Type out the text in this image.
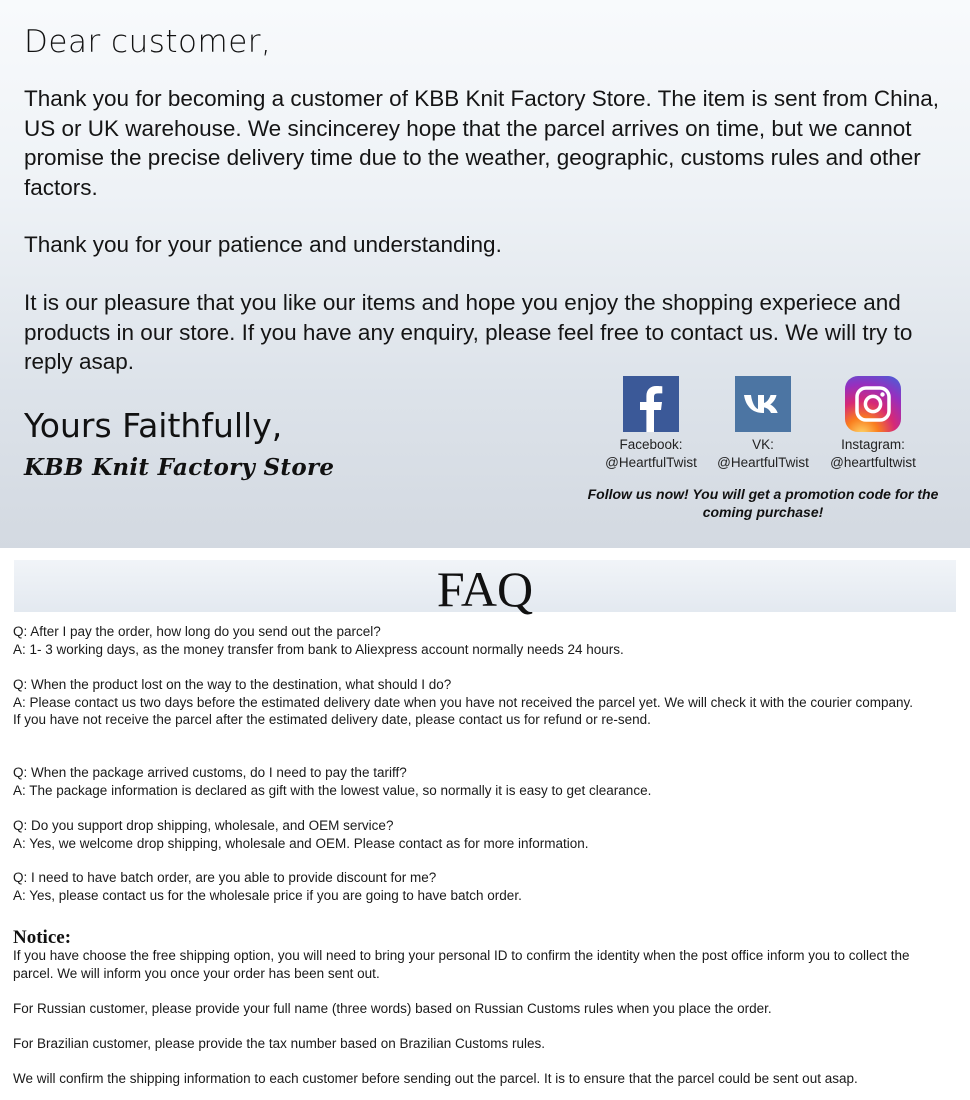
Dear customer,
Thank you for becoming a customer of KBB Knit Factory Store. The item is sent from China, US or UK warehouse. We sincincerey hope that the parcel arrives on time, but we cannot promise the precise delivery time due to the weather, geographic, customs rules and other factors.
Thank you for your patience and understanding.
It is our pleasure that you like our items and hope you enjoy the shopping experiece and products in our store. If you have any enquiry, please feel free to contact us. We will try to reply asap.
Yours Faithfully,
KBB Knit Factory Store
Facebook:
@HeartfulTwist
VK:
@HeartfulTwist
Instagram:
@heartfultwist
Follow us now! You will get a promotion code for the coming purchase!
FAQ
Q: After I pay the order, how long do you send out the parcel?
A: 1- 3 working days, as the money transfer from bank to Aliexpress account normally needs 24 hours.
Q: When the product lost on the way to the destination, what should I do?
A: Please contact us two days before the estimated delivery date when you have not received the parcel yet. We will check it with the courier company.
If you have not receive the parcel after the estimated delivery date, please contact us for refund or re-send.
Q: When the package arrived customs, do I need to pay the tariff?
A: The package information is declared as gift with the lowest value, so normally it is easy to get clearance.
Q: Do you support drop shipping, wholesale, and OEM service?
A: Yes, we welcome drop shipping, wholesale and OEM. Please contact as for more information.
Q: I need to have batch order, are you able to provide discount for me?
A: Yes, please contact us for the wholesale price if you are going to have batch order.
Notice:
If you have choose the free shipping option, you will need to bring your personal ID to confirm the identity when the post office inform you to collect the parcel. We will inform you once your order has been sent out.
For Russian customer, please provide your full name (three words) based on Russian Customs rules when you place the order.
For Brazilian customer, please provide the tax number based on Brazilian Customs rules.
We will confirm the shipping information to each customer before sending out the parcel. It is to ensure that the parcel could be sent out asap.
